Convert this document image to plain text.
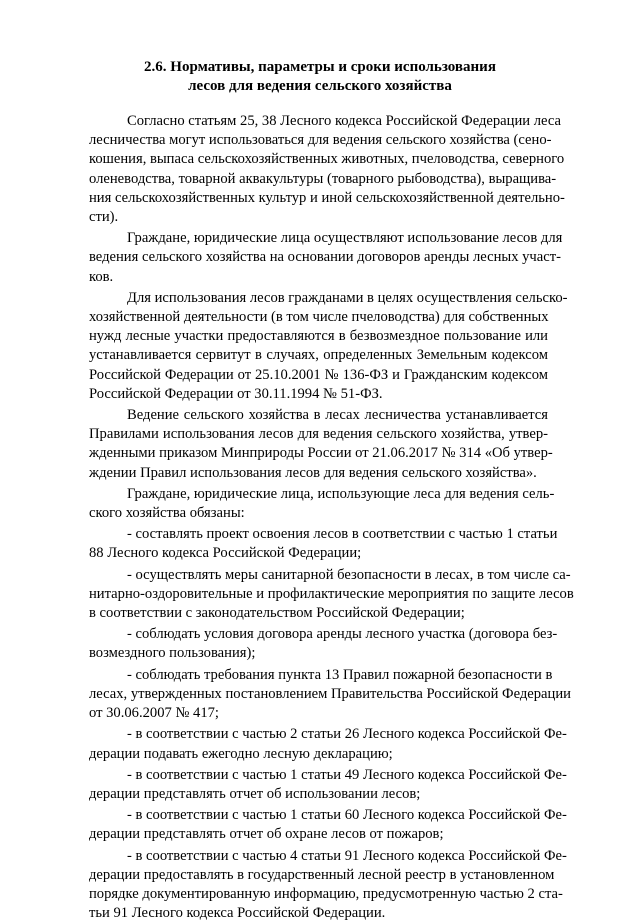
2.6. Нормативы, параметры и сроки использования
лесов для ведения сельского хозяйства

Согласно статьям 25, 38 Лесного кодекса Российской Федерации леса
лесничества могут использоваться для ведения сельского хозяйства (сено-
кошения, выпаса сельскохозяйственных животных, пчеловодства, северного
оленеводства, товарной аквакультуры (товарного рыбоводства), выращива-
ния сельскохозяйственных культур и иной сельскохозяйственной деятельно-
сти).

Граждане, юридические лица осуществляют использование лесов для
ведения сельского хозяйства на основании договоров аренды лесных участ-
ков.

Для использования лесов гражданами в целях осуществления сельско-
хозяйственной деятельности (в том числе пчеловодства) для собственных
нужд лесные участки предоставляются в безвозмездное пользование или
устанавливается сервитут в случаях, определенных Земельным кодексом
Российской Федерации от 25.10.2001 № 136-ФЗ и Гражданским кодексом
Российской Федерации от 30.11.1994 № 51-ФЗ.

Ведение сельского хозяйства в лесах лесничества устанавливается
Правилами использования лесов для ведения сельского хозяйства, утвер-
жденными приказом Минприроды России от 21.06.2017 № 314 «Об утвер-
ждении Правил использования лесов для ведения сельского хозяйства».

Граждане, юридические лица, использующие леса для ведения сель-
ского хозяйства обязаны:

- составлять проект освоения лесов в соответствии с частью 1 статьи
88 Лесного кодекса Российской Федерации;

- осуществлять меры санитарной безопасности в лесах, в том числе са-
нитарно-оздоровительные и профилактические мероприятия по защите лесов
в соответствии с законодательством Российской Федерации;

- соблюдать условия договора аренды лесного участка (договора без-
возмездного пользования);

- соблюдать требования пункта 13 Правил пожарной безопасности в
лесах, утвержденных постановлением Правительства Российской Федерации
от 30.06.2007 № 417;

- в соответствии с частью 2 статьи 26 Лесного кодекса Российской Фе-
дерации подавать ежегодно лесную декларацию;

- в соответствии с частью 1 статьи 49 Лесного кодекса Российской Фе-
дерации представлять отчет об использовании лесов;

- в соответствии с частью 1 статьи 60 Лесного кодекса Российской Фе-
дерации представлять отчет об охране лесов от пожаров;

- в соответствии с частью 4 статьи 91 Лесного кодекса Российской Фе-
дерации предоставлять в государственный лесной реестр в установленном
порядке документированную информацию, предусмотренную частью 2 ста-
тьи 91 Лесного кодекса Российской Федерации.
